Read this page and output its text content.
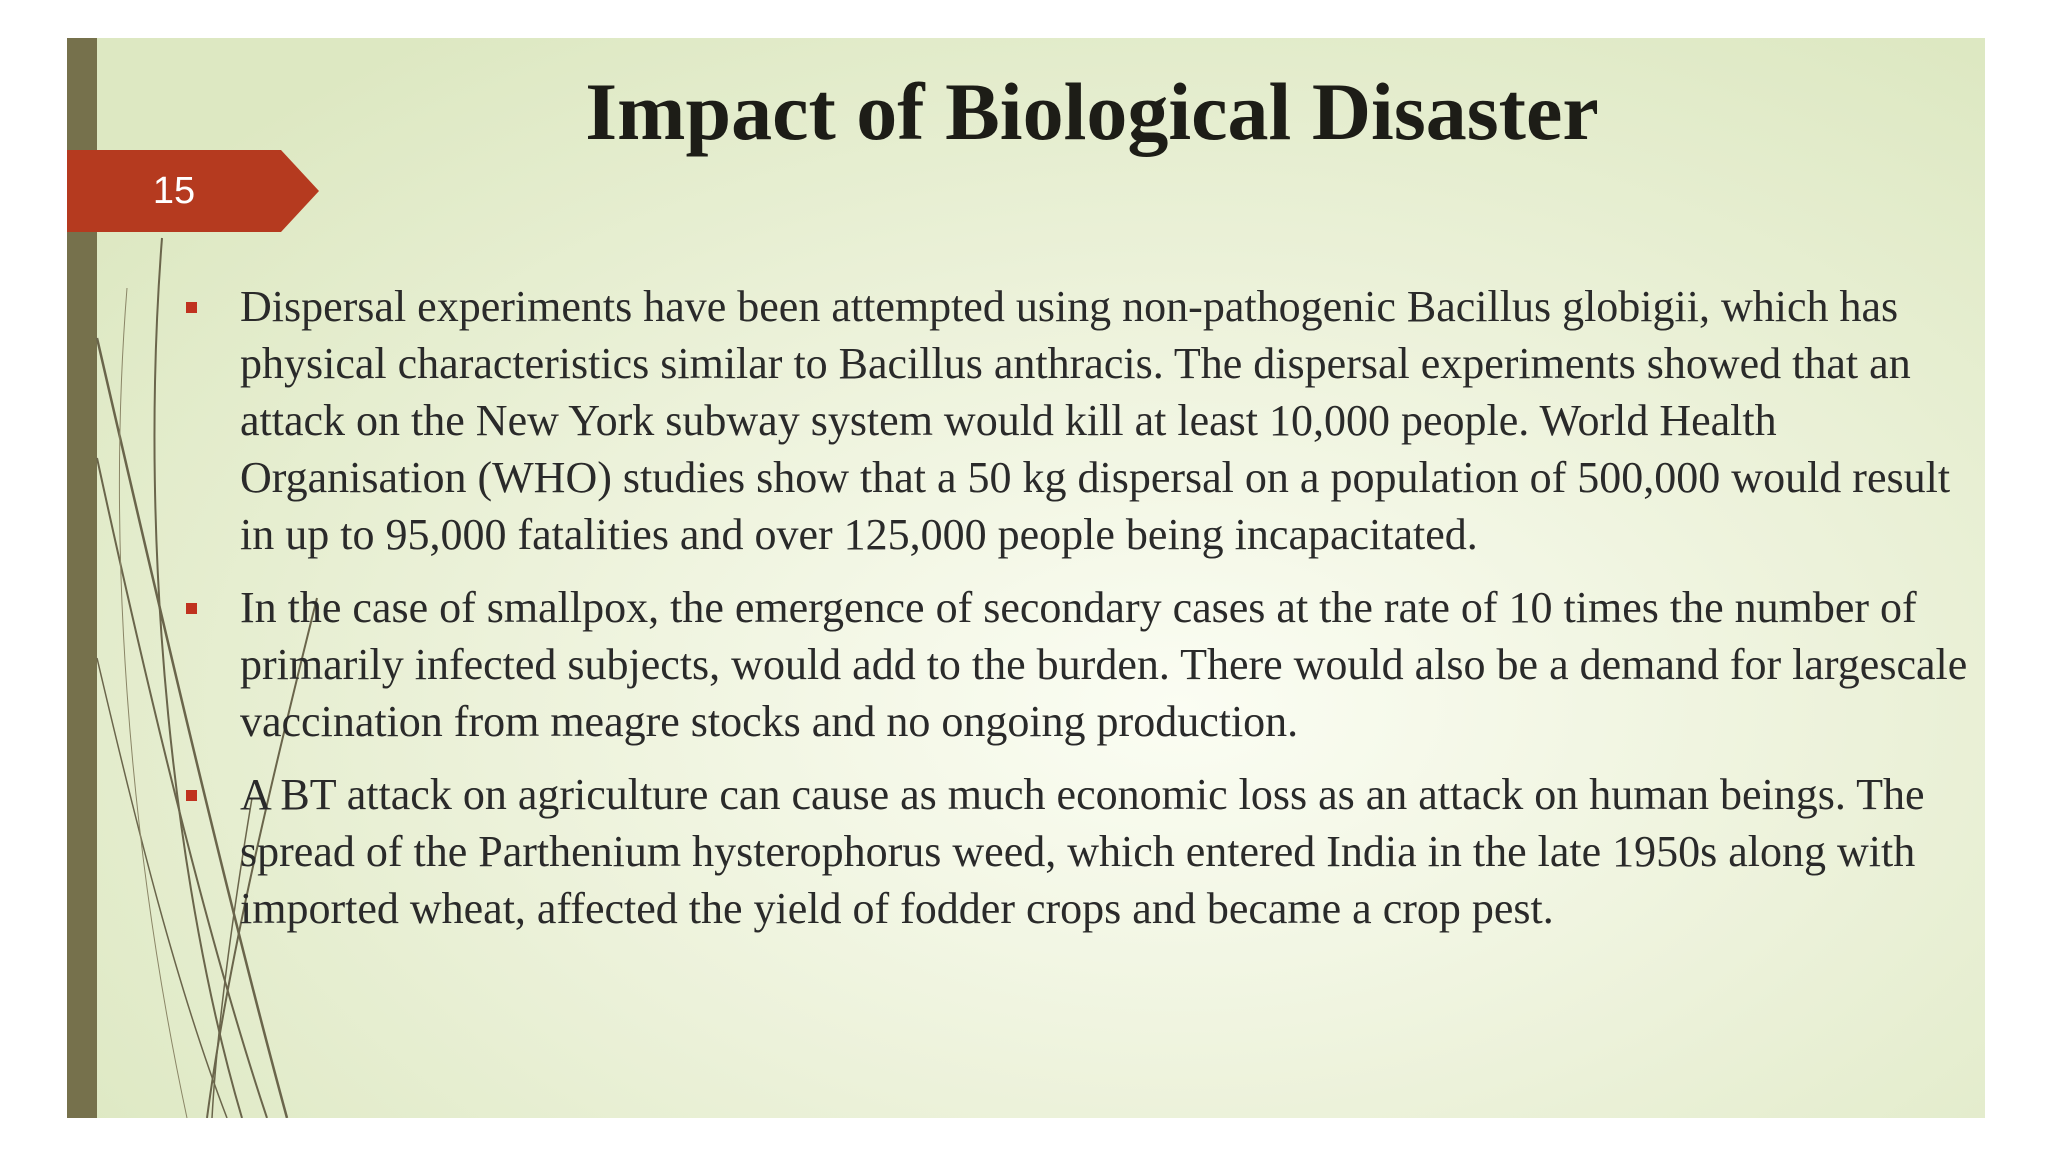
Impact of Biological Disaster
15
Dispersal experiments have been attempted using non-pathogenic Bacillus globigii, which has physical characteristics similar to Bacillus anthracis. The dispersal experiments showed that an attack on the New York subway system would kill at least 10,000 people. World Health Organisation (WHO) studies show that a 50 kg dispersal on a population of 500,000 would result in up to 95,000 fatalities and over 125,000 people being incapacitated.
In the case of smallpox, the emergence of secondary cases at the rate of 10 times the number of primarily infected subjects, would add to the burden. There would also be a demand for largescale vaccination from meagre stocks and no ongoing production.
A BT attack on agriculture can cause as much economic loss as an attack on human beings. The spread of the Parthenium hysterophorus weed, which entered India in the late 1950s along with imported wheat, affected the yield of fodder crops and became a crop pest.
